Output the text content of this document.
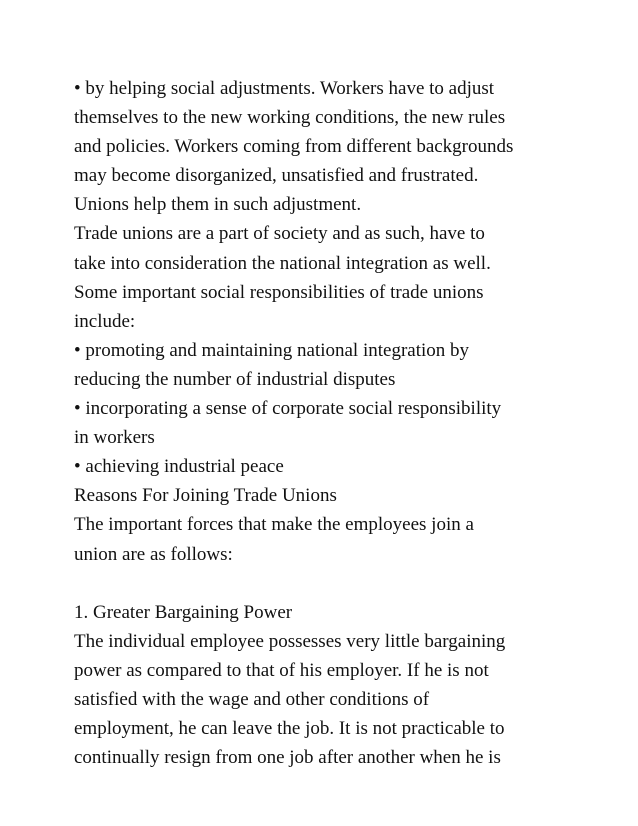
• by helping social adjustments. Workers have to adjust
themselves to the new working conditions, the new rules
and policies. Workers coming from different backgrounds
may become disorganized, unsatisfied and frustrated.
Unions help them in such adjustment.
Trade unions are a part of society and as such, have to
take into consideration the national integration as well.
Some important social responsibilities of trade unions
include:
• promoting and maintaining national integration by
reducing the number of industrial disputes
• incorporating a sense of corporate social responsibility
in workers
• achieving industrial peace
Reasons For Joining Trade Unions
The important forces that make the employees join a
union are as follows:
1. Greater Bargaining Power
The individual employee possesses very little bargaining
power as compared to that of his employer. If he is not
satisfied with the wage and other conditions of
employment, he can leave the job. It is not practicable to
continually resign from one job after another when he is
